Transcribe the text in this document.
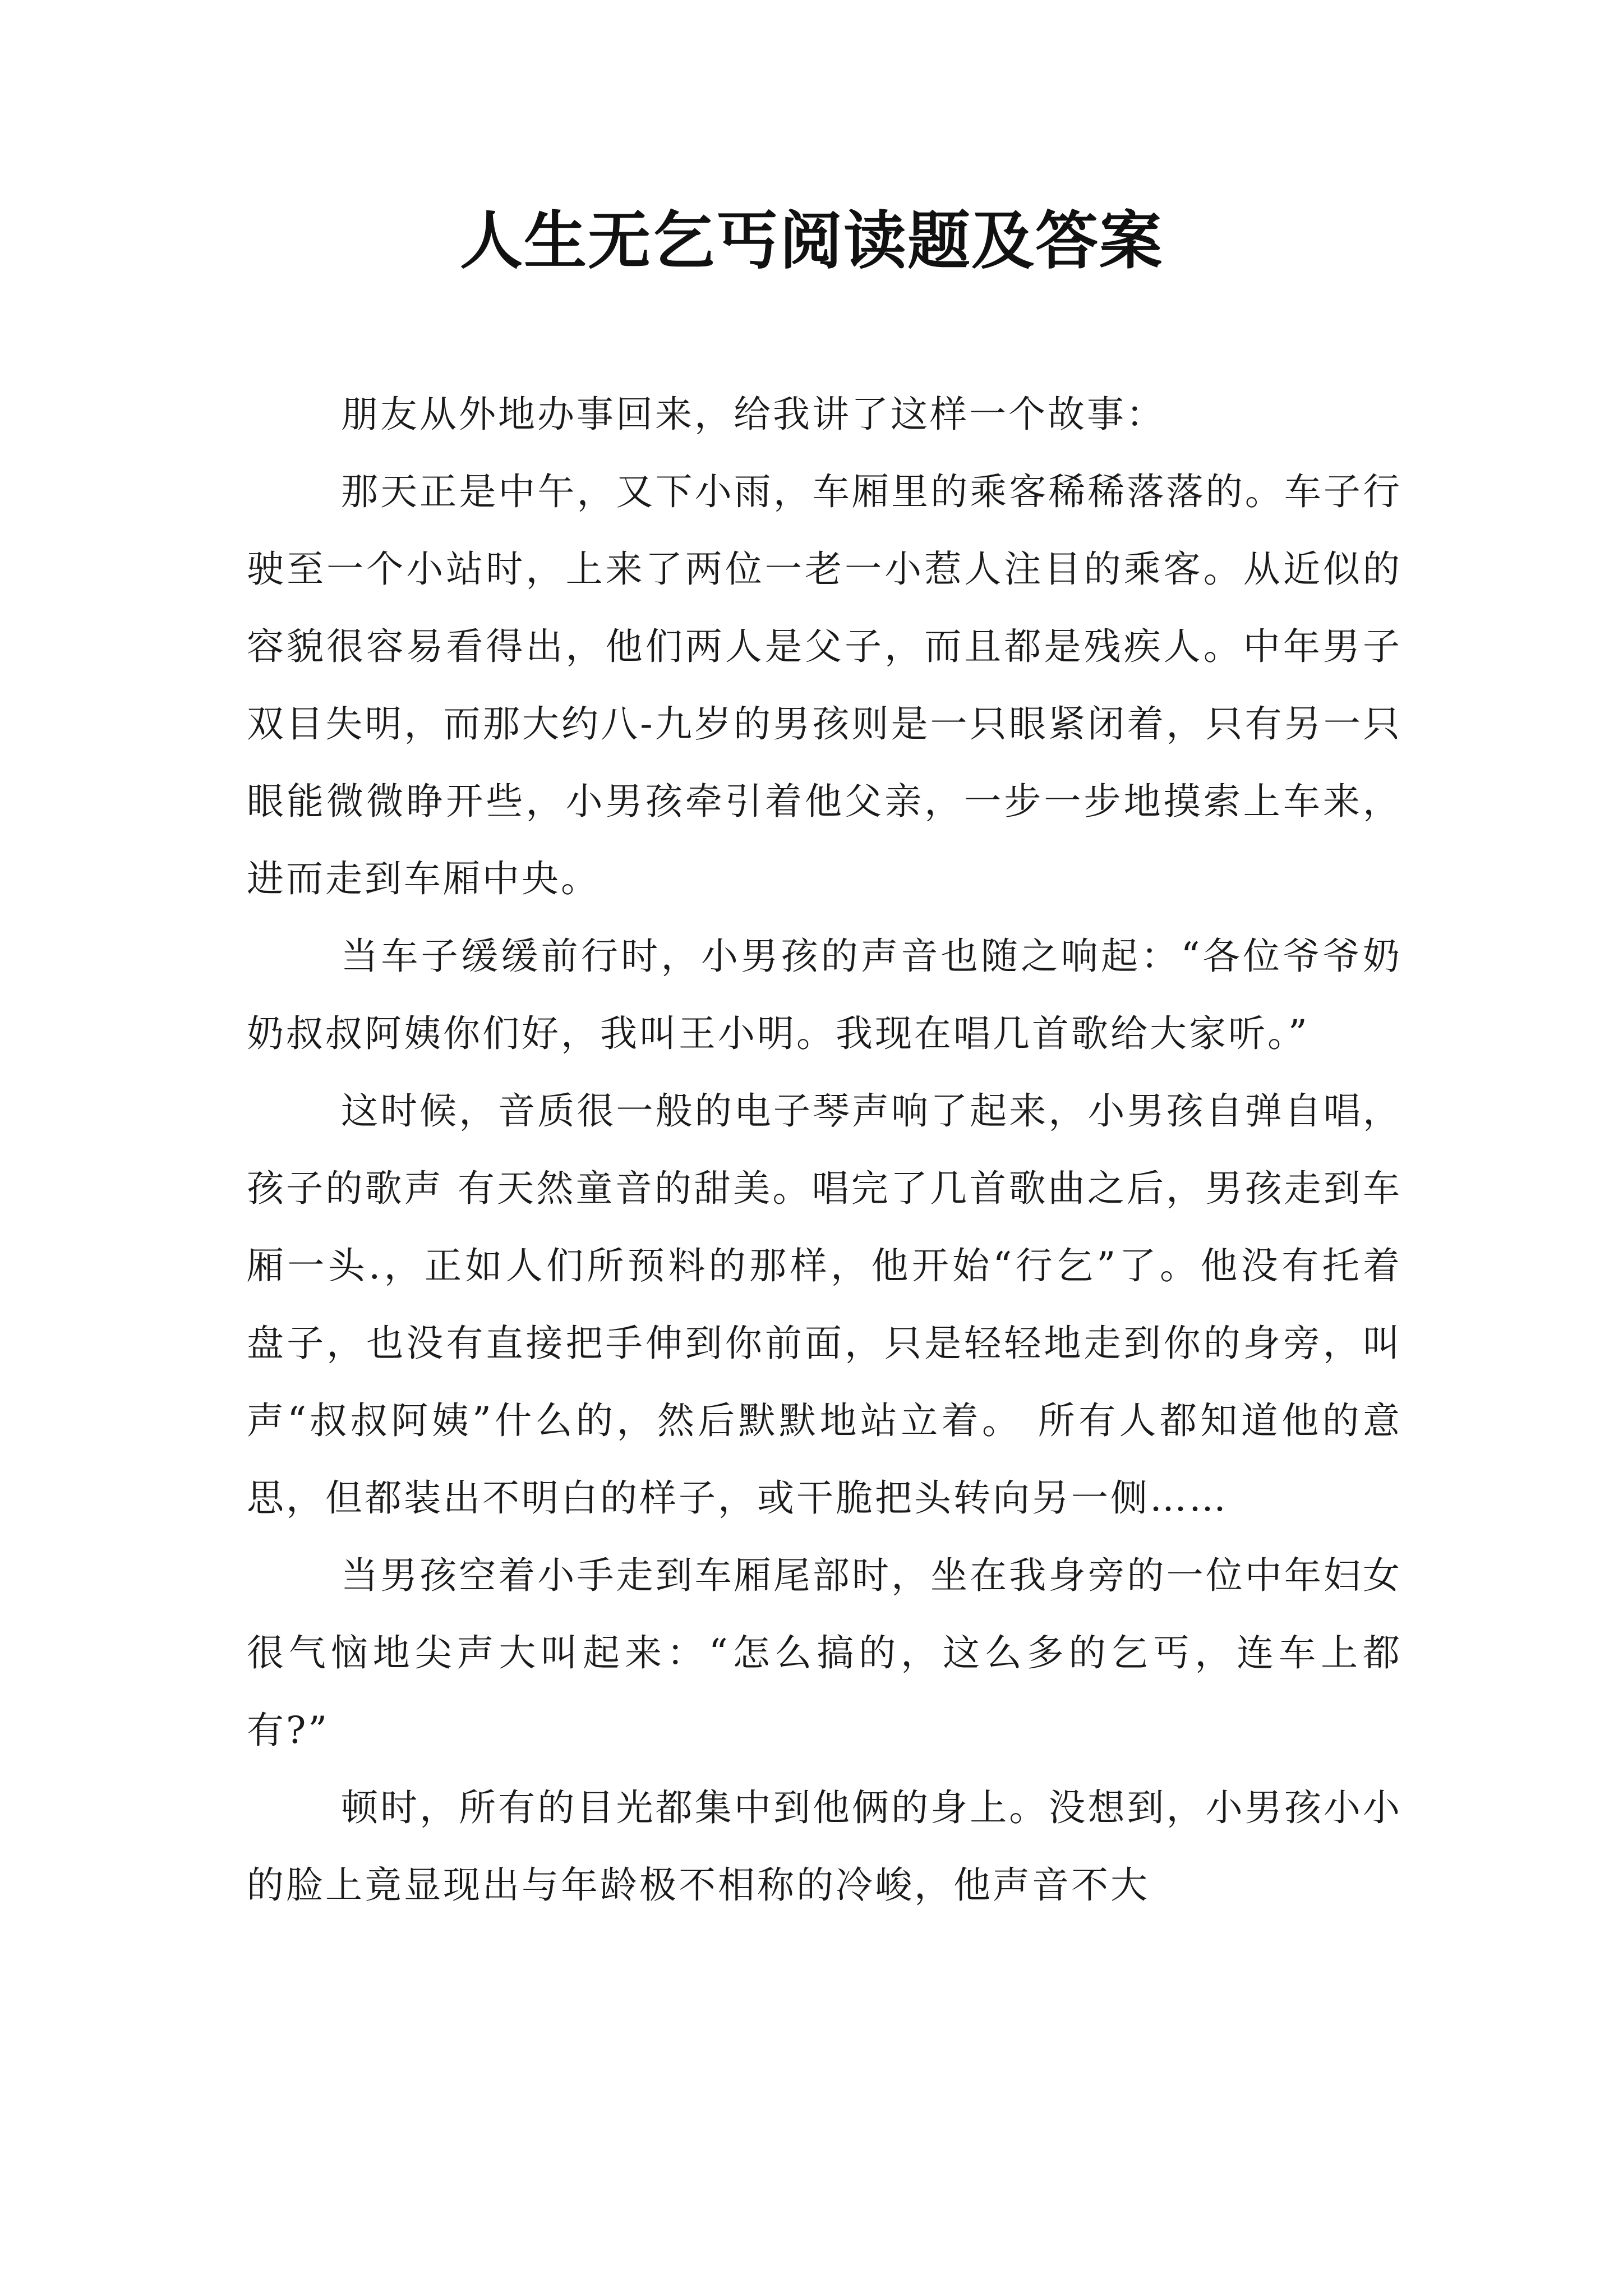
人生无乞丐阅读题及答案

朋友从外地办事回来，给我讲了这样一个故事：

那天正是中午，又下小雨，车厢里的乘客稀稀落落的。车子行驶至一个小站时，上来了两位一老一小惹人注目的乘客。从近似的容貌很容易看得出，他们两人是父子，而且都是残疾人。中年男子双目失明，而那大约八-九岁的男孩则是一只眼紧闭着，只有另一只眼能微微睁开些，小男孩牵引着他父亲，一步一步地摸索上车来，进而走到车厢中央。

当车子缓缓前行时，小男孩的声音也随之响起：“各位爷爷奶奶叔叔阿姨你们好，我叫王小明。我现在唱几首歌给大家听。”

这时候，音质很一般的电子琴声响了起来，小男孩自弹自唱，孩子的歌声 有天然童音的甜美。唱完了几首歌曲之后，男孩走到车厢一头.，正如人们所预料的那样，他开始“行乞”了。他没有托着盘子，也没有直接把手伸到你前面，只是轻轻地走到你的身旁，叫声“叔叔阿姨”什么的，然后默默地站立着。 所有人都知道他的意思，但都装出不明白的样子，或干脆把头转向另一侧……

当男孩空着小手走到车厢尾部时，坐在我身旁的一位中年妇女很气恼地尖声大叫起来：“怎么搞的，这么多的乞丐，连车上都有?”

顿时，所有的目光都集中到他俩的身上。没想到，小男孩小小的脸上竟显现出与年龄极不相称的冷峻，他声音不大
